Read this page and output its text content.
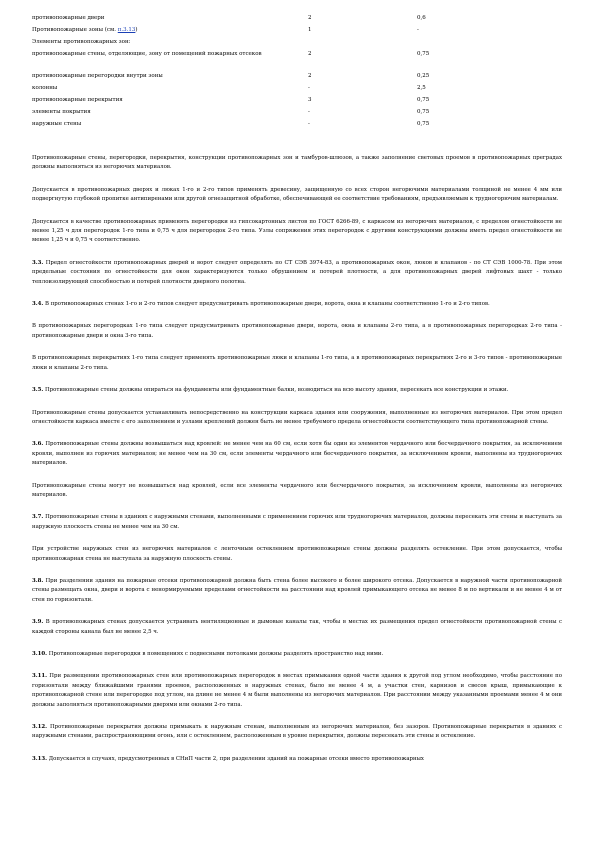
противопожарные двери	2	0,6
Противопожарные зоны (см. п.3.13)	1	-
Элементы противопожарных зон:
противопожарные стены, отделяющие, зону от помещений пожарных отсеков	2	0,75
противопожарные перегородки внутри зоны	2	0,25
колонны	-	2,5
противопожарные перекрытия	3	0,75
элементы покрытия	-	0,75
наружные стены	-	0,75

Противопожарные стены, перегородки, перекрытия, конструкции противопожарных зон и тамбуров-шлюзов, а также заполнение световых проемов в противопожарных преградах должны выполняться из негорючих материалов.

Допускается в противопожарных дверях и люках 1-го и 2-го типов применять древесину, защищенную со всех сторон негорючими материалами толщиной не менее 4 мм или подвергнутую глубокой пропитке антипиренами или другой огнезащитной обработке, обеспечивающей ее соответствие требованиям, предъявляемым к трудногорючим материалам.

Допускается в качестве противопожарных применять перегородки из гипсокартонных листов по ГОСТ 6266-89, с каркасом из негорючих материалов, с пределом огнестойкости не менее 1,25 ч для перегородок 1-го типа и 0,75 ч для перегородок 2-го типа. Узлы сопряжения этих перегородок с другими конструкциями должны иметь предел огнестойкости не менее 1,25 ч и 0,75 ч соответственно.

3.3. Предел огнестойкости противопожарных дверей и ворот следует определять по СТ СЭВ 3974-83, а противопожарных окон, люков и клапанов - по СТ СЭВ 1000-78. При этом предельные состояния по огнестойкости для окон характеризуются только обрушением и потерей плотности, а для противопожарных дверей лифтовых шахт - только теплоизолирующей способностью и потерей плотности дверного полотна.

3.4. В противопожарных стенах 1-го и 2-го типов следует предусматривать противопожарные двери, ворота, окна и клапаны соответственно 1-го и 2-го типов.

В противопожарных перегородках 1-го типа следует предусматривать противопожарные двери, ворота, окна и клапаны 2-го типа, а в противопожарных перегородках 2-го типа - противопожарные двери и окна 3-го типа.

В противопожарных перекрытиях 1-го типа следует применять противопожарные люки и клапаны 1-го типа, а в противопожарных перекрытиях 2-го и 3-го типов - противопожарные люки и клапаны 2-го типа.

3.5. Противопожарные стены должны опираться на фундаменты или фундаментные балки, возводиться на всю высоту здания, пересекать все конструкции и этажи.

Противопожарные стены допускается устанавливать непосредственно на конструкции каркаса здания или сооружения, выполненные из негорючих материалов. При этом предел огнестойкости каркаса вместе с его заполнением и узлами креплений должен быть не менее требуемого предела огнестойкости соответствующего типа противопожарной стены.

3.6. Противопожарные стены должны возвышаться над кровлей: не менее чем на 60 см, если хотя бы один из элементов чердачного или бесчердачного покрытия, за исключением кровли, выполнен из горючих материалов; не менее чем на 30 см, если элементы чердачного или бесчердачного покрытия, за исключением кровли, выполнены из трудногорючих материалов.

Противопожарные стены могут не возвышаться над кровлей, если все элементы чердачного или бесчердачного покрытия, за исключением кровли, выполнены из негорючих материалов.

3.7. Противопожарные стены в зданиях с наружными стенами, выполненными с применением горючих или трудногорючих материалов, должны пересекать эти стены и выступать за наружную плоскость стены не менее чем на 30 см.

При устройстве наружных стен из негорючих материалов с ленточным остеклением противопожарные стены должны разделять остекление. При этом допускается, чтобы противопожарная стена не выступала за наружную плоскость стены.

3.8. При разделении здания на пожарные отсеки противопожарной должна быть стена более высокого и более широкого отсека. Допускается в наружной части противопожарной стены размещать окна, двери и ворота с ненормируемыми пределами огнестойкости на расстоянии над кровлей примыкающего отсека не менее 8 м по вертикали и не менее 4 м от стен по горизонтали.

3.9. В противопожарных стенах допускается устраивать вентиляционные и дымовые каналы так, чтобы в местах их размещения предел огнестойкости противопожарной стены с каждой стороны канала был не менее 2,5 ч.

3.10. Противопожарные перегородки в помещениях с подвесными потолками должны разделять пространство над ними.

3.11. При размещении противопожарных стен или противопожарных перегородок в местах примыкания одной части здания к другой под углом необходимо, чтобы расстояние по горизонтали между ближайшими гранями проемов, расположенных в наружных стенах, было не менее 4 м, а участки стен, карнизов и свесов крыш, примыкающие к противопожарной стене или перегородке под углом, на длине не менее 4 м были выполнены из негорючих материалов. При расстоянии между указанными проемами менее 4 м они должны заполняться противопожарными дверями или окнами 2-го типа.

3.12. Противопожарные перекрытия должны примыкать к наружным стенам, выполненным из негорючих материалов, без зазоров. Противопожарные перекрытия в зданиях с наружными стенами, распространяющими огонь, или с остеклением, расположенным в уровне перекрытия, должны пересекать эти стены и остекление.

3.13. Допускается в случаях, предусмотренных в СНиП части 2, при разделении зданий на пожарные отсеки вместо противопожарных
